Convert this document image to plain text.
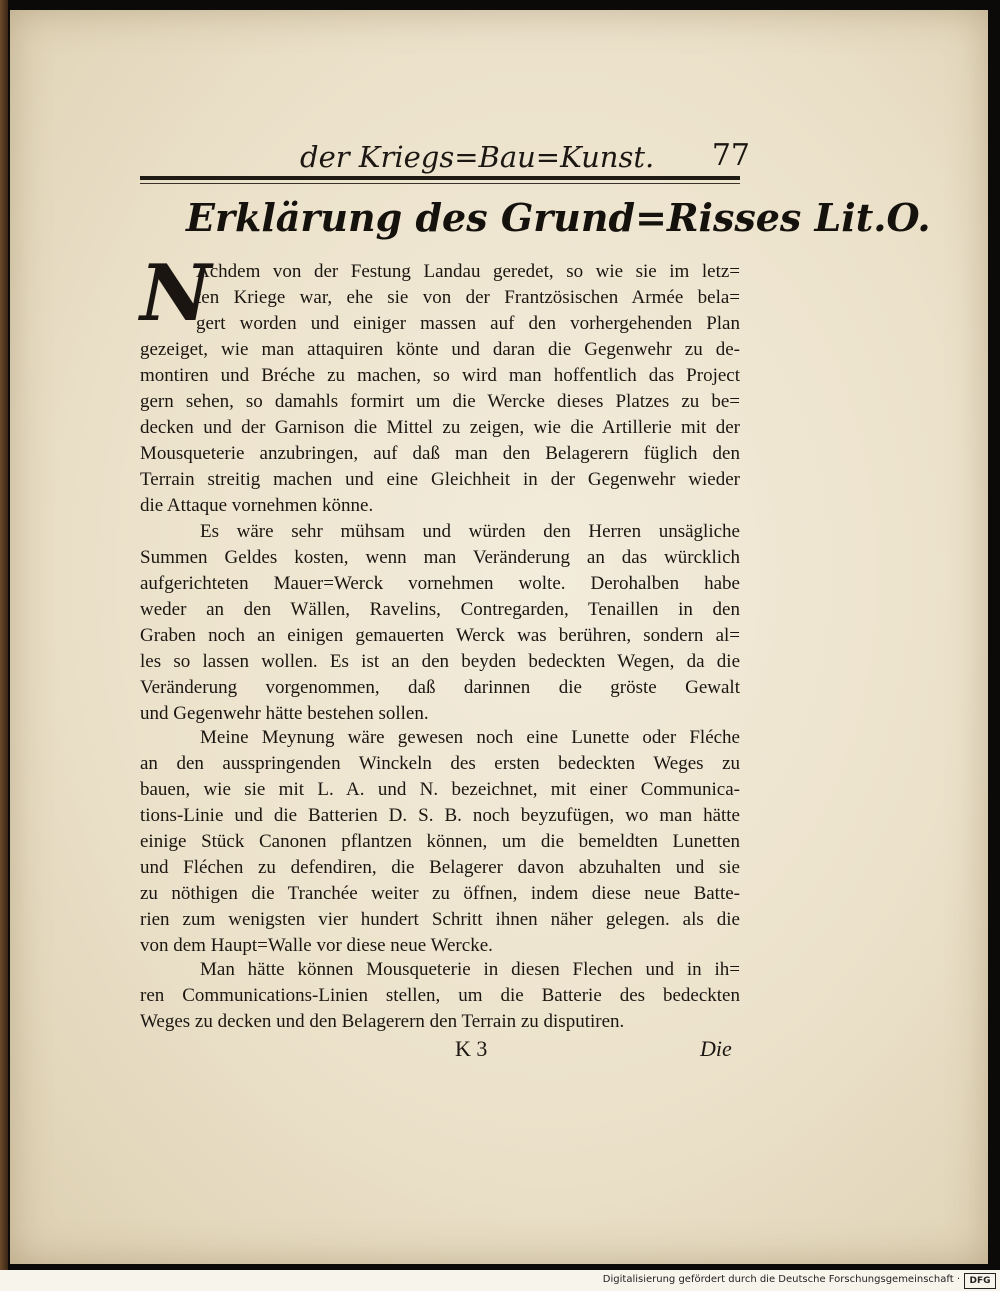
der Kriegs=Bau=Kunst. 77
Erklärung des Grund=Risses Lit.O.
N
Achdem von der Festung Landau geredet, so wie sie im letz=
ten Kriege war, ehe sie von der Frantzösischen Armée bela=
gert worden und einiger massen auf den vorhergehenden Plan
gezeiget, wie man attaquiren könte und daran die Gegenwehr zu de-
montiren und Bréche zu machen, so wird man hoffentlich das Project
gern sehen, so damahls formirt um die Wercke dieses Platzes zu be=
decken und der Garnison die Mittel zu zeigen, wie die Artillerie mit der
Mousqueterie anzubringen, auf daß man den Belagerern füglich den
Terrain streitig machen und eine Gleichheit in der Gegenwehr wieder
die Attaque vornehmen könne.
Es wäre sehr mühsam und würden den Herren unsägliche
Summen Geldes kosten, wenn man Veränderung an das würcklich
aufgerichteten Mauer=Werck vornehmen wolte. Derohalben habe
weder an den Wällen, Ravelins, Contregarden, Tenaillen in den
Graben noch an einigen gemauerten Werck was berühren, sondern al=
les so lassen wollen. Es ist an den beyden bedeckten Wegen, da die
Veränderung vorgenommen, daß darinnen die gröste Gewalt
und Gegenwehr hätte bestehen sollen.
Meine Meynung wäre gewesen noch eine Lunette oder Fléche
an den ausspringenden Winckeln des ersten bedeckten Weges zu
bauen, wie sie mit L. A. und N. bezeichnet, mit einer Communica-
tions-Linie und die Batterien D. S. B. noch beyzufügen, wo man hätte
einige Stück Canonen pflantzen können, um die bemeldten Lunetten
und Fléchen zu defendiren, die Belagerer davon abzuhalten und sie
zu nöthigen die Tranchée weiter zu öffnen, indem diese neue Batte-
rien zum wenigsten vier hundert Schritt ihnen näher gelegen. als die
von dem Haupt=Walle vor diese neue Wercke.
Man hätte können Mousqueterie in diesen Flechen und in ih=
ren Communications-Linien stellen, um die Batterie des bedeckten
Weges zu decken und den Belagerern den Terrain zu disputiren.
K 3	Die
Digitalisierung gefördert durch die Deutsche Forschungsgemeinschaft ·	DFG
